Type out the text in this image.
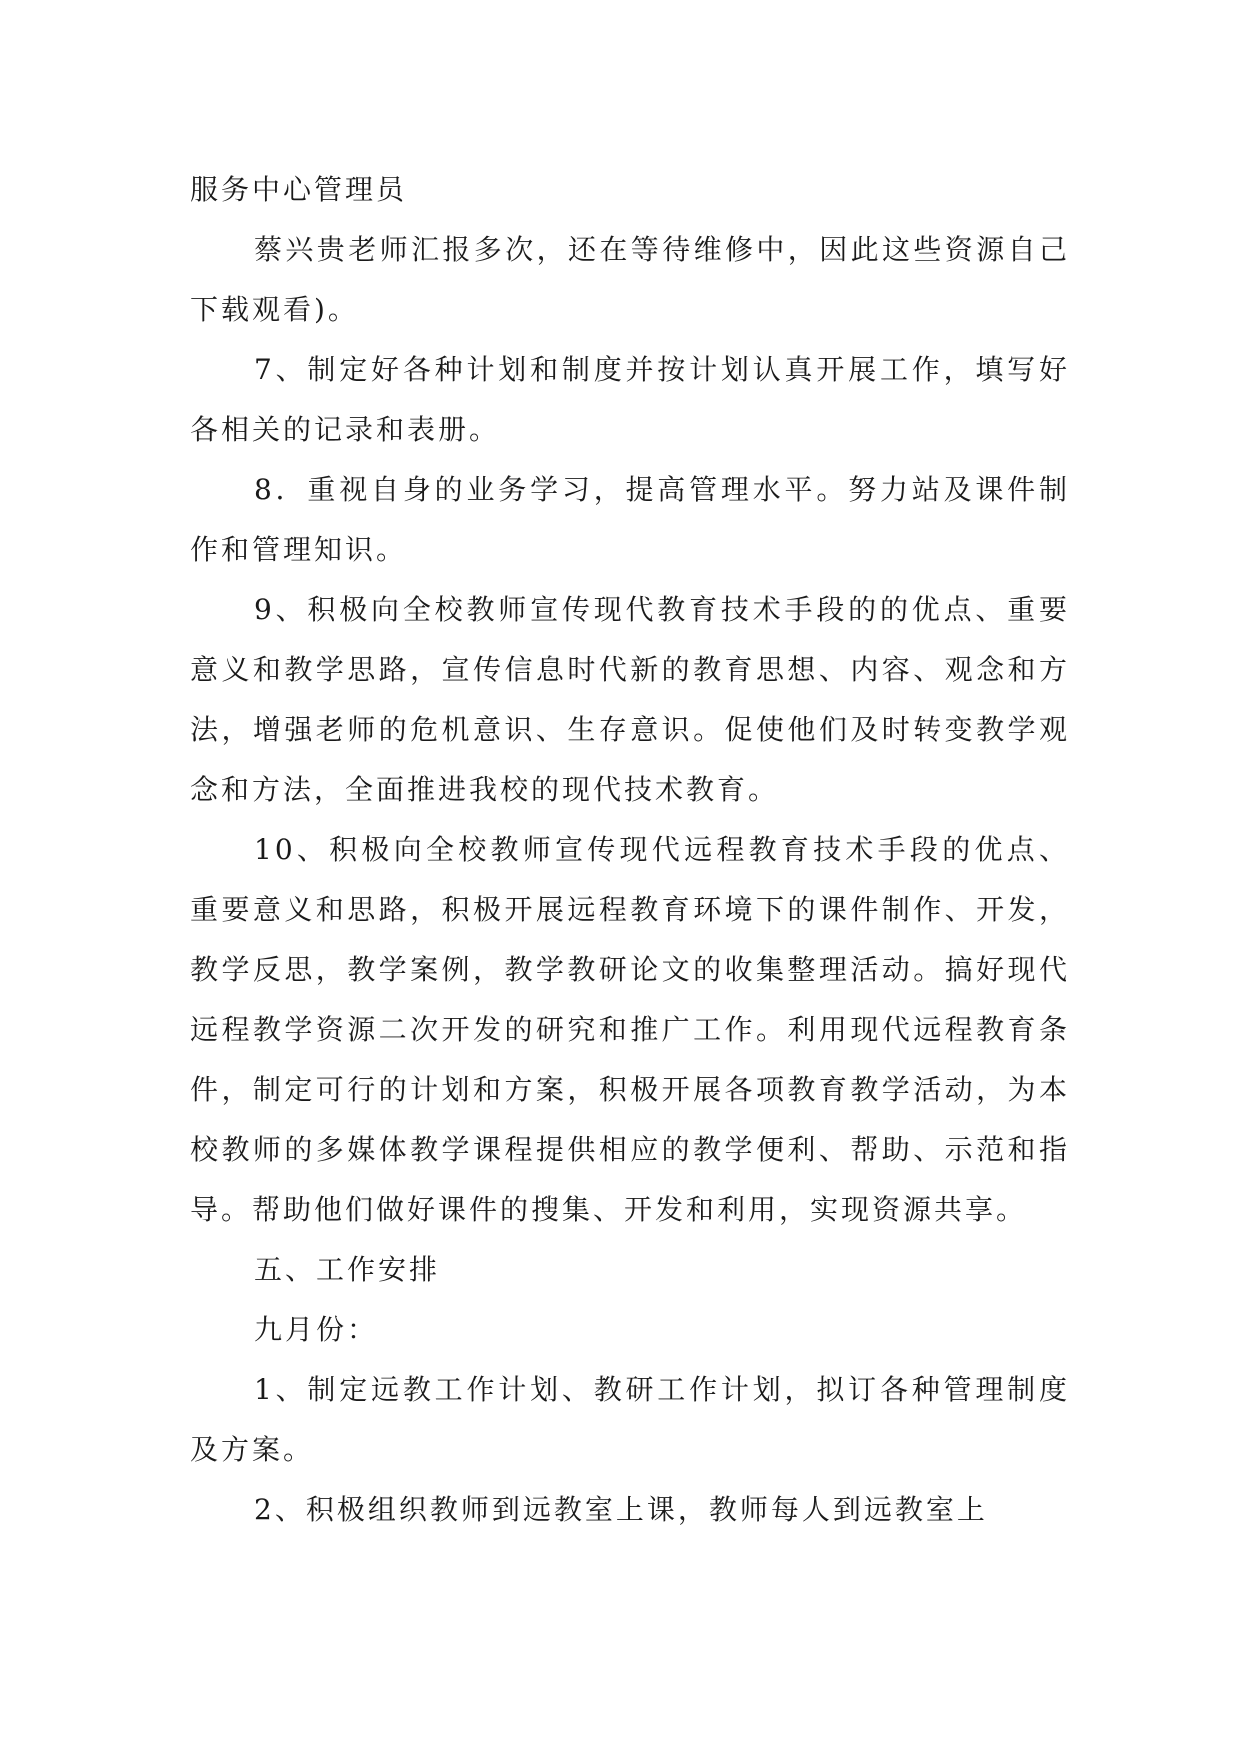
服务中心管理员

蔡兴贵老师汇报多次，还在等待维修中，因此这些资源自己下载观看)。

7、制定好各种计划和制度并按计划认真开展工作，填写好各相关的记录和表册。

8．重视自身的业务学习，提高管理水平。努力站及课件制作和管理知识。

9、积极向全校教师宣传现代教育技术手段的的优点、重要意义和教学思路，宣传信息时代新的教育思想、内容、观念和方法，增强老师的危机意识、生存意识。促使他们及时转变教学观念和方法，全面推进我校的现代技术教育。

10、积极向全校教师宣传现代远程教育技术手段的优点、重要意义和思路，积极开展远程教育环境下的课件制作、开发，教学反思，教学案例，教学教研论文的收集整理活动。搞好现代远程教学资源二次开发的研究和推广工作。利用现代远程教育条件，制定可行的计划和方案，积极开展各项教育教学活动，为本校教师的多媒体教学课程提供相应的教学便利、帮助、示范和指导。帮助他们做好课件的搜集、开发和利用，实现资源共享。

五、工作安排

九月份：

1、制定远教工作计划、教研工作计划，拟订各种管理制度及方案。

2、积极组织教师到远教室上课，教师每人到远教室上
